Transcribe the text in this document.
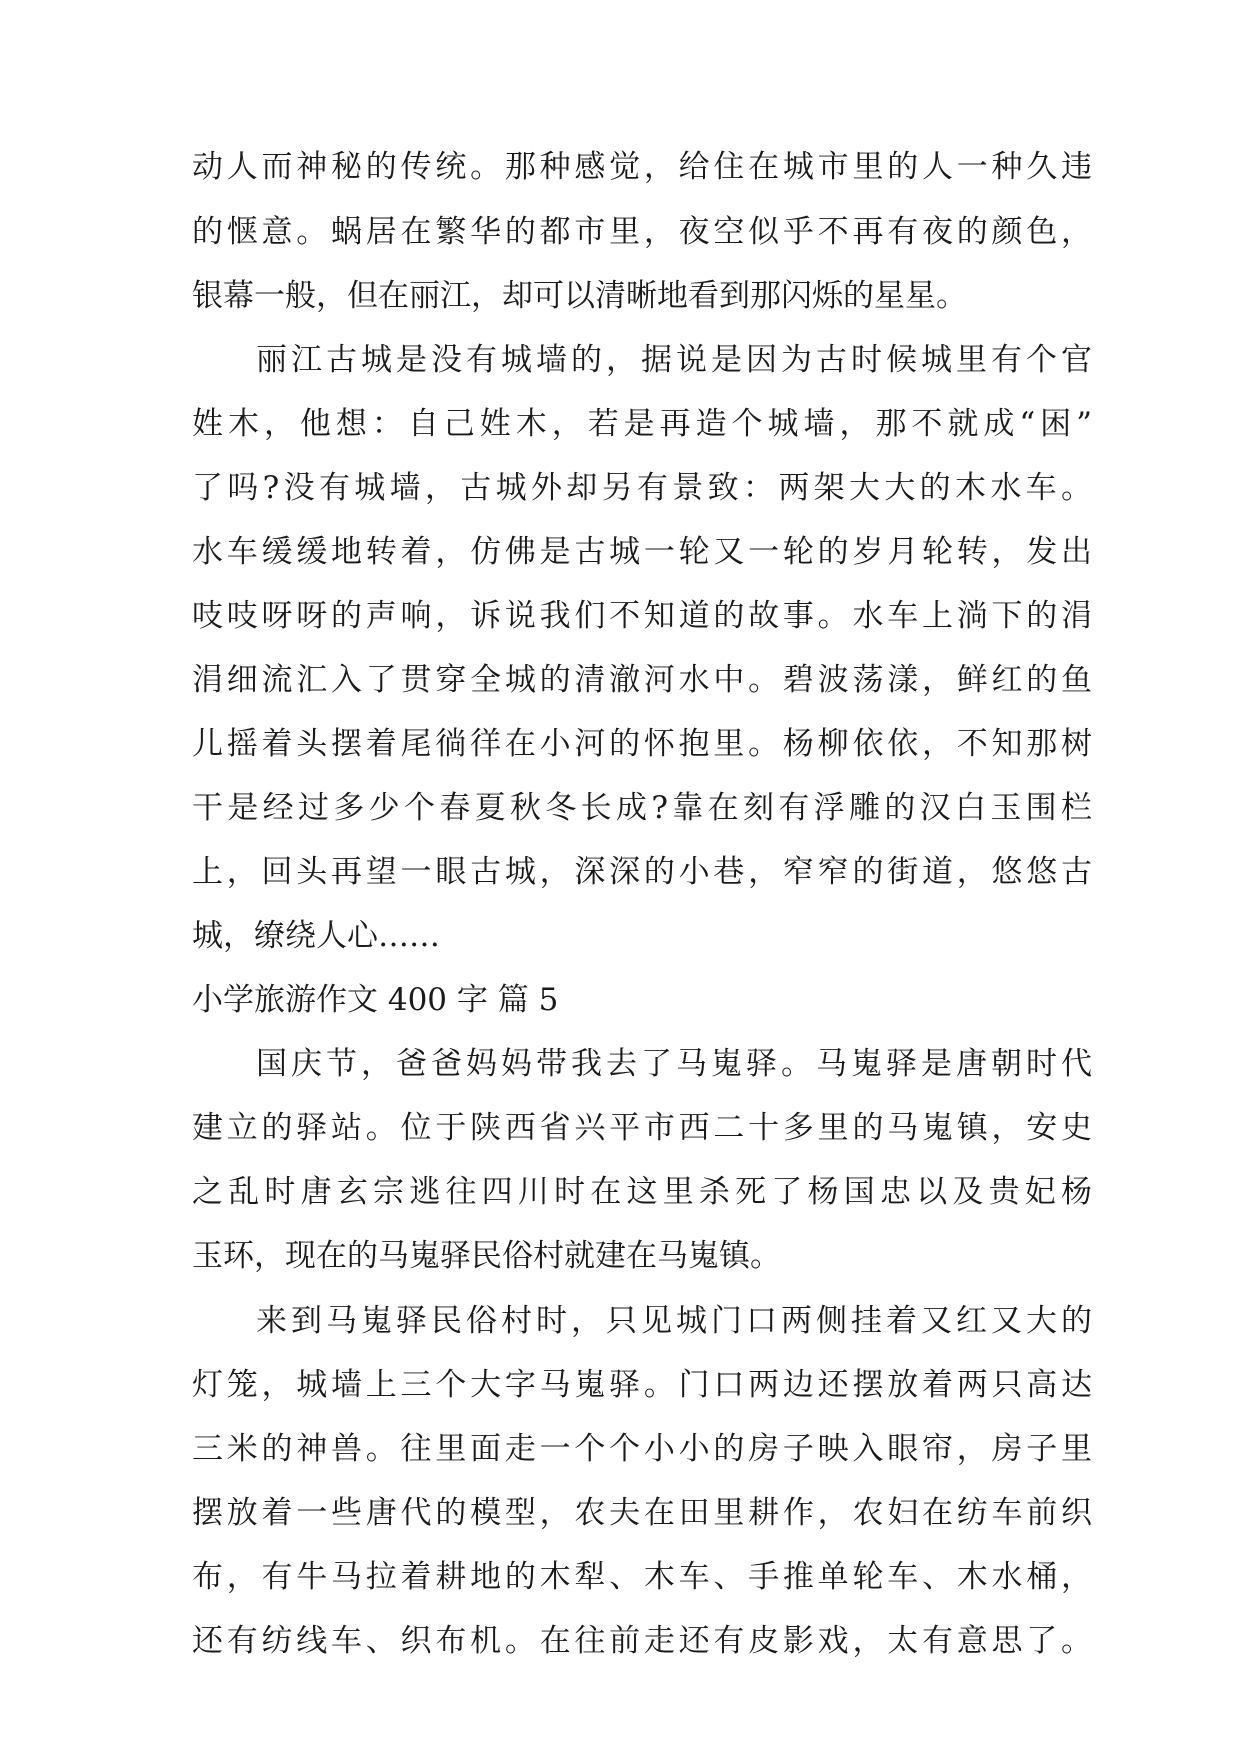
动人而神秘的传统。那种感觉，给住在城市里的人一种久违
的惬意。蜗居在繁华的都市里，夜空似乎不再有夜的颜色，
银幕一般，但在丽江，却可以清晰地看到那闪烁的星星。
丽江古城是没有城墙的，据说是因为古时候城里有个官
姓木，他想：自己姓木，若是再造个城墙，那不就成“困”
了吗?没有城墙，古城外却另有景致：两架大大的木水车。
水车缓缓地转着，仿佛是古城一轮又一轮的岁月轮转，发出
吱吱呀呀的声响，诉说我们不知道的故事。水车上淌下的涓
涓细流汇入了贯穿全城的清澈河水中。碧波荡漾，鲜红的鱼
儿摇着头摆着尾徜徉在小河的怀抱里。杨柳依依，不知那树
干是经过多少个春夏秋冬长成?靠在刻有浮雕的汉白玉围栏
上，回头再望一眼古城，深深的小巷，窄窄的街道，悠悠古
城，缭绕人心……
小学旅游作文 400 字 篇 5
国庆节，爸爸妈妈带我去了马嵬驿。马嵬驿是唐朝时代
建立的驿站。位于陕西省兴平市西二十多里的马嵬镇，安史
之乱时唐玄宗逃往四川时在这里杀死了杨国忠以及贵妃杨
玉环，现在的马嵬驿民俗村就建在马嵬镇。
来到马嵬驿民俗村时，只见城门口两侧挂着又红又大的
灯笼，城墙上三个大字马嵬驿。门口两边还摆放着两只高达
三米的神兽。往里面走一个个小小的房子映入眼帘，房子里
摆放着一些唐代的模型，农夫在田里耕作，农妇在纺车前织
布，有牛马拉着耕地的木犁、木车、手推单轮车、木水桶，
还有纺线车、织布机。在往前走还有皮影戏，太有意思了。
